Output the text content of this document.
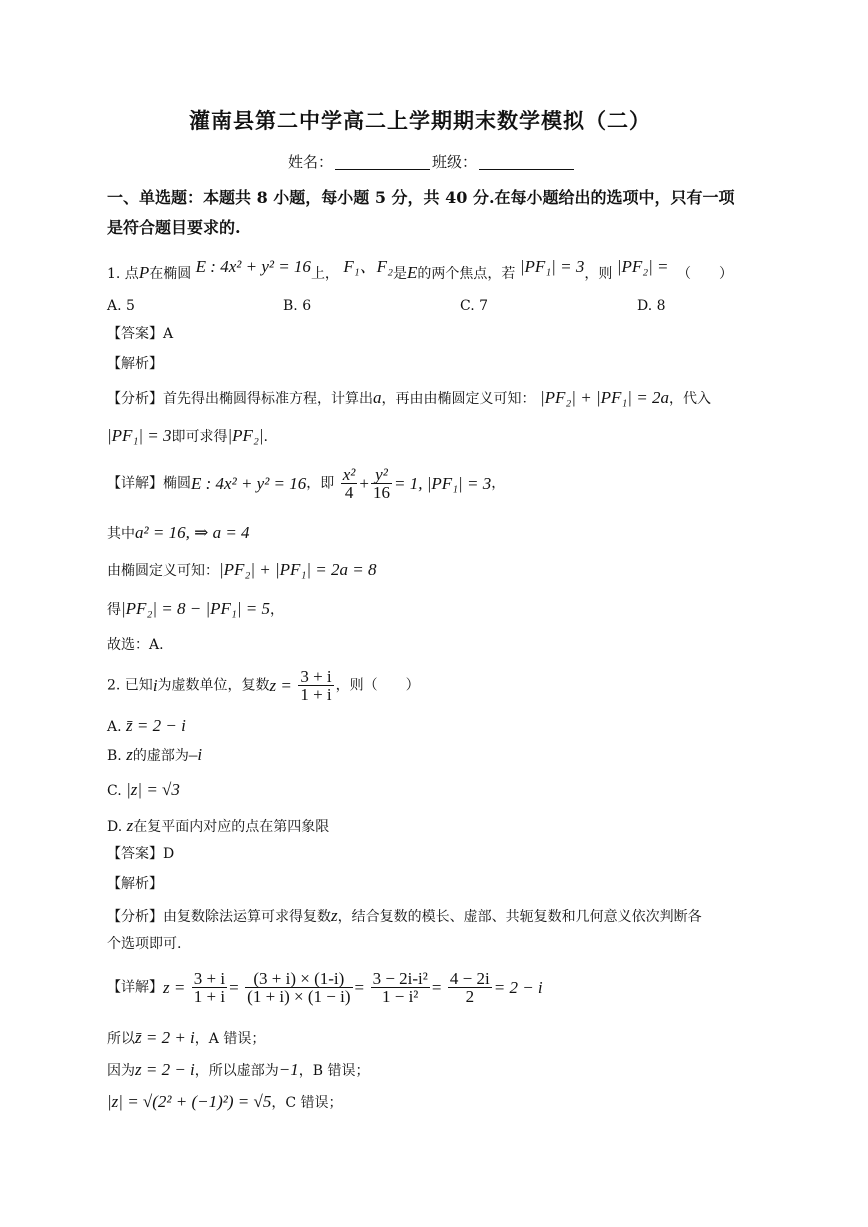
灌南县第二中学高二上学期期末数学模拟（二）
姓名：	班级：
一、单选题：本题共 8 小题，每小题 5 分，共 40 分.在每小题给出的选项中，只有一项
是符合题目要求的.
1. 点P在椭圆 E : 4x² + y² = 16上， F₁、F₂是E的两个焦点，若 |PF₁| = 3，则 |PF₂| = （　　）
A. 5	B. 6	C. 7	D. 8
【答案】A
【解析】
【分析】首先得出椭圆得标准方程，计算出a，再由由椭圆定义可知： |PF₂| + |PF₁| = 2a，代入
|PF₁| = 3即可求得|PF₂|.
【详解】椭圆E : 4x² + y² = 16，即 $\frac{\text{x²}}{4} + \frac{\text{y²}}{16} = 1$, |PF₁| = 3，
其中a² = 16, ⇒ a = 4
由椭圆定义可知：|PF₂| + |PF₁| = 2a = 8
得|PF₂| = 8 − |PF₁| = 5，
故选：A.
2. 已知i为虚数单位，复数$z = \frac{3 + i}{1 + i}$ ，则（　　）
A. z̄ = 2 − i
B. z的虚部为–i
C. |z| = √3
D. z在复平面内对应的点在第四象限
【答案】D
【解析】
【分析】由复数除法运算可求得复数z，结合复数的模长、虚部、共轭复数和几何意义依次判断各
个选项即可.
【详解】$z = \frac{3 + i}{1 + i} = \frac{(3 + i) \times (1-i)}{(1 + i) \times (1 - i)} = \frac{\text{3 − 2i-i²}}{\text{1 − i²}} = \frac{4 - 2i}{2} = 2 - i$
所以z̄ = 2 + i，A 错误；
因为z = 2 − i，所以虚部为−1，B 错误；
|z| = √(2² + (−1)²) = √5，C 错误；
